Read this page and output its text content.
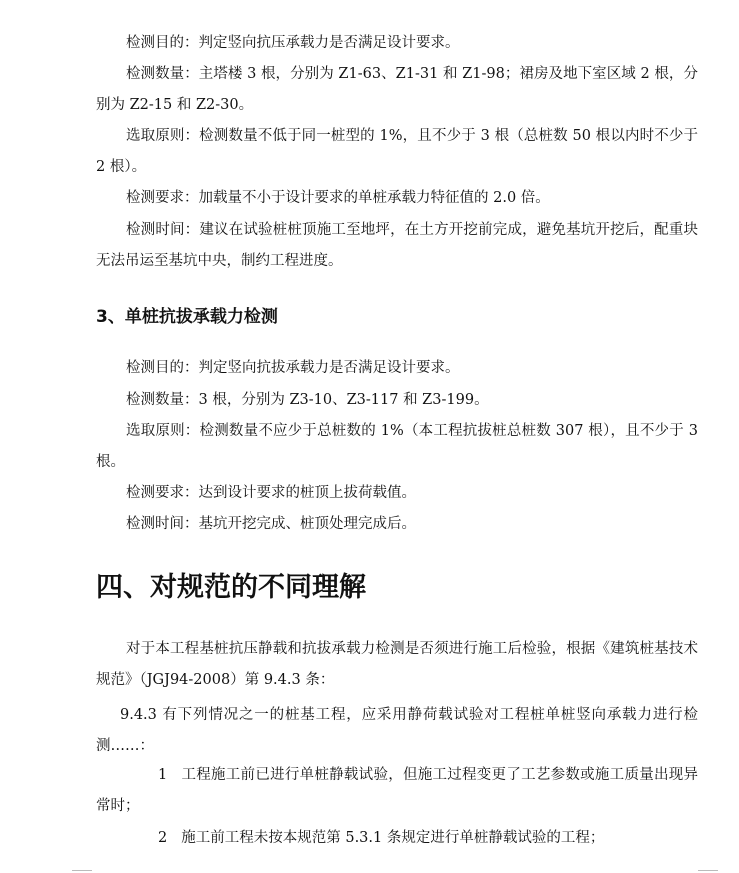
检测目的：判定竖向抗压承载力是否满足设计要求。

检测数量：主塔楼 3 根，分别为 Z1-63、Z1-31 和 Z1-98；裙房及地下室区域 2 根，分别为 Z2-15 和 Z2-30。

选取原则：检测数量不低于同一桩型的 1%，且不少于 3 根（总桩数 50 根以内时不少于 2 根）。

检测要求：加载量不小于设计要求的单桩承载力特征值的 2.0 倍。

检测时间：建议在试验桩桩顶施工至地坪，在土方开挖前完成，避免基坑开挖后，配重块无法吊运至基坑中央，制约工程进度。

3、单桩抗拔承载力检测

检测目的：判定竖向抗拔承载力是否满足设计要求。

检测数量：3 根，分别为 Z3-10、Z3-117 和 Z3-199。

选取原则：检测数量不应少于总桩数的 1%（本工程抗拔桩总桩数 307 根），且不少于 3 根。

检测要求：达到设计要求的桩顶上拔荷载值。

检测时间：基坑开挖完成、桩顶处理完成后。

四、对规范的不同理解

对于本工程基桩抗压静载和抗拔承载力检测是否须进行施工后检验，根据《建筑桩基技术规范》（JGJ94-2008）第 9.4.3 条：

9.4.3 有下列情况之一的桩基工程，应采用静荷载试验对工程桩单桩竖向承载力进行检测……：

1 工程施工前已进行单桩静载试验，但施工过程变更了工艺参数或施工质量出现异常时；

2 施工前工程未按本规范第 5.3.1 条规定进行单桩静载试验的工程；
